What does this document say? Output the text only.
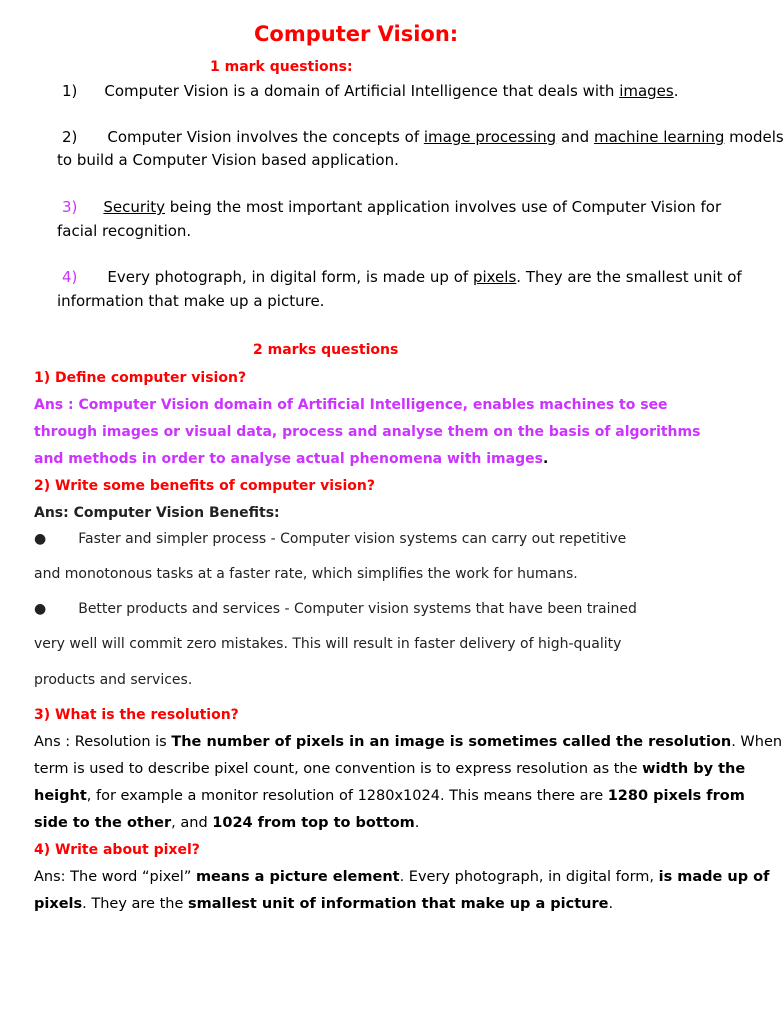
Computer Vision:
1 mark questions:
1) Computer Vision is a domain of Artificial Intelligence that deals with images.
2) Computer Vision involves the concepts of image processing and machine learning models
to build a Computer Vision based application.
3) Security being the most important application involves use of Computer Vision for
facial recognition.
4) Every photograph, in digital form, is made up of pixels. They are the smallest unit of
information that make up a picture.
2 marks questions
1) Define computer vision?
Ans : Computer Vision domain of Artificial Intelligence, enables machines to see
through images or visual data, process and analyse them on the basis of algorithms
and methods in order to analyse actual phenomena with images.
2) Write some benefits of computer vision?
Ans: Computer Vision Benefits:
● Faster and simpler process - Computer vision systems can carry out repetitive
and monotonous tasks at a faster rate, which simplifies the work for humans.
● Better products and services - Computer vision systems that have been trained
very well will commit zero mistakes. This will result in faster delivery of high-quality
products and services.
3) What is the resolution?
Ans : Resolution is The number of pixels in an image is sometimes called the resolution. When
term is used to describe pixel count, one convention is to express resolution as the width by the
height, for example a monitor resolution of 1280x1024. This means there are 1280 pixels from
side to the other, and 1024 from top to bottom.
4) Write about pixel?
Ans: The word “pixel” means a picture element. Every photograph, in digital form, is made up of
pixels. They are the smallest unit of information that make up a picture.
